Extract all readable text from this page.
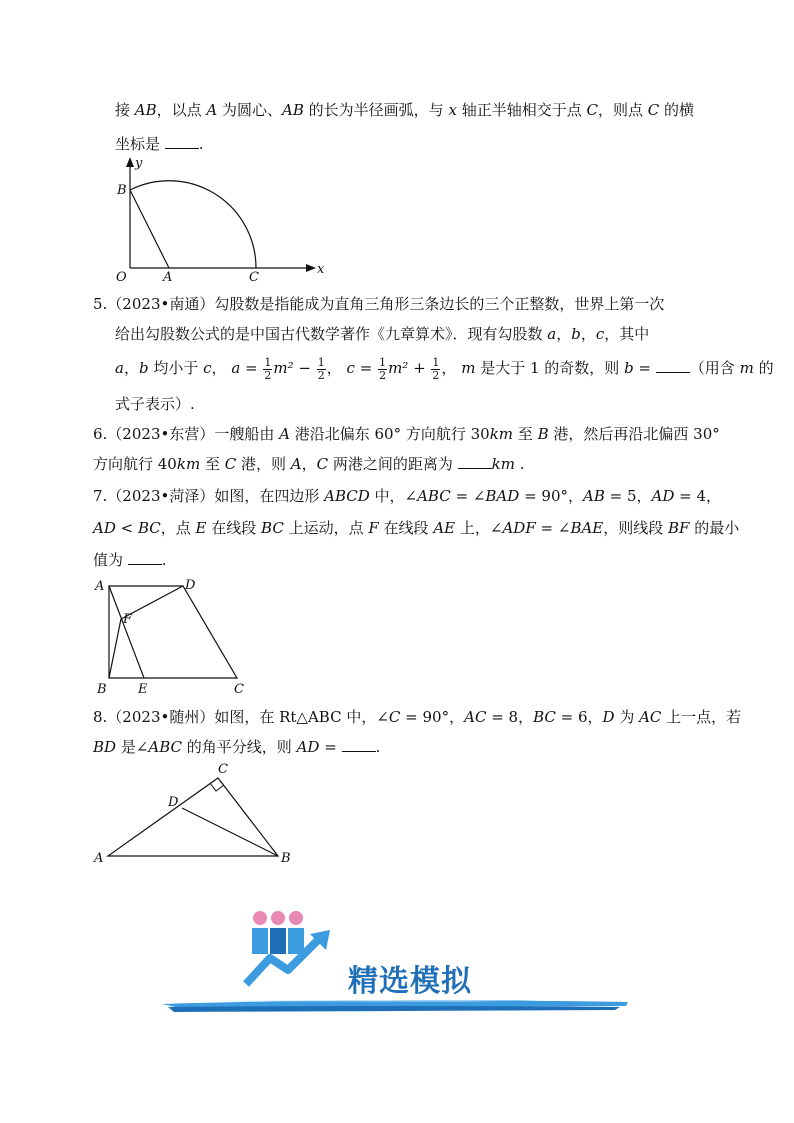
接 AB，以点 A 为圆心、AB 的长为半径画弧，与 x 轴正半轴相交于点 C，则点 C 的横
坐标是 .
y
B
O	A	C
x
5.（2023•南通）勾股数是指能成为直角三角形三条边长的三个正整数，世界上第一次
给出勾股数公式的是中国古代数学著作《九章算术》．现有勾股数 a，b，c，其中
a，b 均小于 c， $a = \frac{1}{2} m^2 - \frac{1}{2}$ ， $c = \frac{1}{2} m^2 + \frac{1}{2}$ ， m 是大于 1 的奇数，则 b = （用含 m 的
式子表示）.
6.（2023•东营）一艘船由 A 港沿北偏东 60° 方向航行 30km 至 B 港，然后再沿北偏西 30°
方向航行 40km 至 C 港，则 A，C 两港之间的距离为 km .
7.（2023•菏泽）如图，在四边形 ABCD 中，∠ABC = ∠BAD = 90°，AB = 5，AD = 4，
AD < BC，点 E 在线段 BC 上运动，点 F 在线段 AE 上，∠ADF = ∠BAE，则线段 BF 的最小
值为 .
A	D
F
B E	C
8.（2023•随州）如图，在 Rt△ABC 中，∠C = 90°，AC = 8，BC = 6，D 为 AC 上一点，若
BD 是∠ABC 的角平分线，则 AD = .
C
D
A	B
精选模拟
